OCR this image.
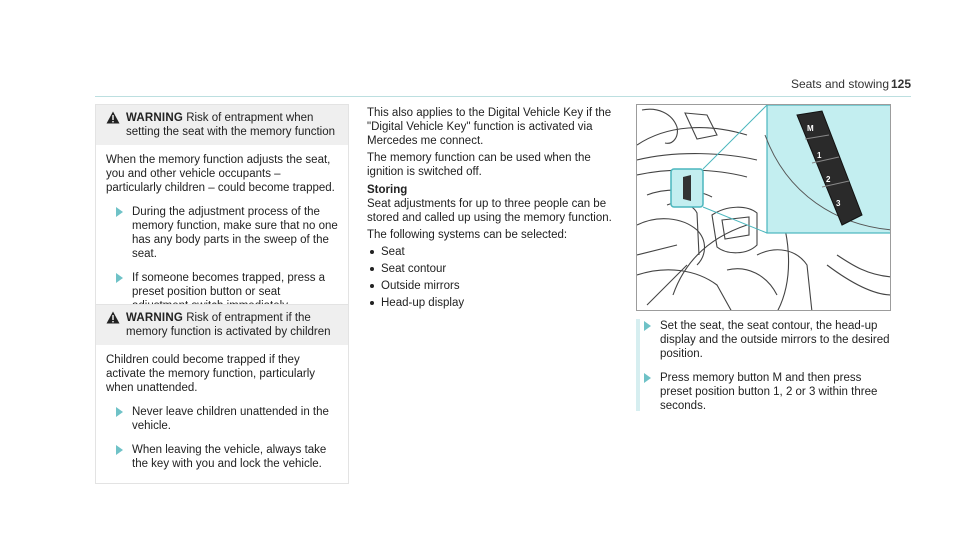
Seats and stowing 125
WARNING Risk of entrapment when setting the seat with the memory function

When the memory function adjusts the seat, you and other vehicle occupants – particularly children – could become trapped.

During the adjustment process of the memory function, make sure that no one has any body parts in the sweep of the seat.
If someone becomes trapped, press a preset position button or seat
WARNING Risk of entrapment if the memory function is activated by children

Children could become trapped if they activate the memory function, particularly when unattended.

Never leave children unattended in the vehicle.
When leaving the vehicle, always take the key with you and lock the vehicle.

This also applies to the Digital Vehicle Key if the "Digital Vehicle Key" function is activated via Mercedes me connect.

The memory function can be used when the ignition is switched off.

Storing

Seat adjustments for up to three people can be stored and called up using the memory function.

The following systems can be selected:

Seat
Seat contour
Outside mirrors
Head-up display
M
1
2
3
Set the seat, the seat contour, the head-up display and the outside mirrors to the desired position.
Press memory button M and then press preset position button 1, 2 or 3 within three seconds.
